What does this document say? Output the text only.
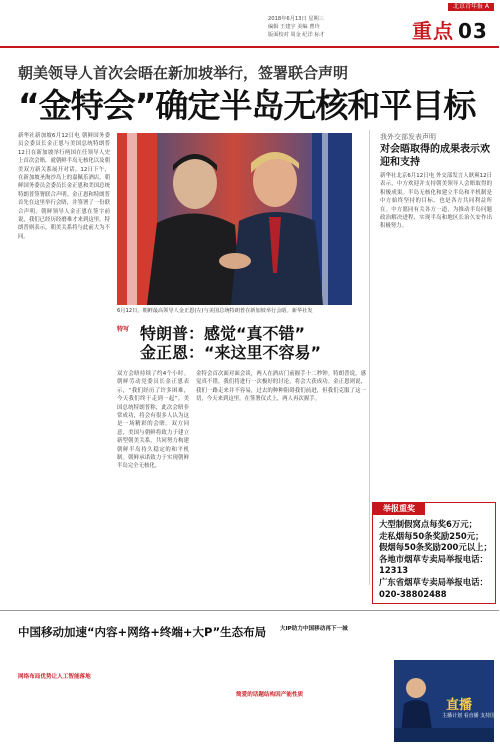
北京青年报 A
2018年6月13日 星期三
编辑 王建宇 美编 曹玲
版面校对 周金 纪洋 标才	重点 03
朝美领导人首次会晤在新加坡举行，签署联合声明
“金特会”确定半岛无核和平目标
新华社新加坡6月12日电 朝鲜国务委员会委员长金正恩与美国总统特朗普12日在新加坡举行两国在任领导人史上首次会晤，就朝鲜半岛无核化以及朝美双方新关系展开对话。12日下午，在新加坡圣淘沙岛上的嘉佩乐酒店，朝鲜国务委员会委员长金正恩和美国总统特朗普签署联合声明。金正恩和特朗普首先在这里举行会晤，并签署了一份联合声明。朝鲜领导人金正恩在签字前说，我们已经历经磨难才来到这里。特朗普则表示，朝美关系将与此前大为不同。
双方会晤持续了约4个小时。朝鲜劳动党委员长金正恩表示，“我们经历了许多困难，今天我们终于走到一起”。美国总统特朗普称，此次会晤非常成功，将会有很多人认为这是一场精彩的会晤。双方同意，美国与朝鲜将致力于建立新型朝美关系，共同努力构建朝鲜半岛持久稳定的和平机制。朝鲜承诺致力于实现朝鲜半岛完全无核化。
6月12日，朝鲜最高领导人金正恩(左)与美国总统特朗普在新加坡举行会晤。新华社发
我外交部发表声明
对会晤取得的成果表示欢迎和支持
新华社北京6月12日电 外交部发言人耿爽12日表示，中方欢迎并支持朝美领导人会晤取得的积极成果。半岛无核化和建立半岛和平机制是中方始终坚持的目标，也是各方共同利益所在。中方愿同有关各方一道，为推动半岛问题政治解决进程、实现半岛和地区长治久安作出积极努力。
特写 特朗普：感觉“真不错”
金正恩：“来这里不容易”
金特会首次面对面会谈，两人在酒店门前握手十二秒钟。特朗普说，感觉真不错，我们将进行一次极好的讨论，将会大获成功。金正恩则说，我们一路走来并不容易，过去的种种阻碍我们前进，但我们克服了这一切，今天来到这里。在签署仪式上，两人再次握手。
举报重奖
大型制假窝点每奖6万元；
走私烟每50条奖励250元；
假烟每50条奖励200元以上；
各地市烟草专卖局举报电话：
12313
广东省烟草专卖局举报电话：
020-38802488
中国移动加速“内容+网络+终端+大P”生态布局
网络布局优势让人工智能落地
简爱的话题结构因产能性质
大IP助力中国移动再下一城
直播
主播计划 看直播 支持国移
